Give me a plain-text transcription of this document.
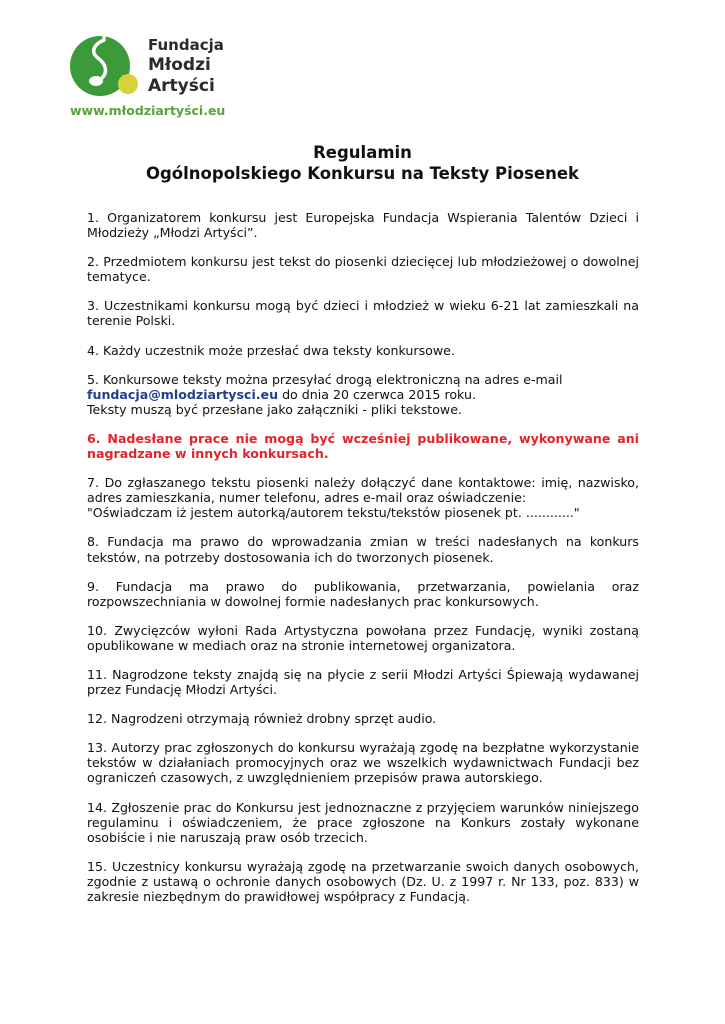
Fundacja
Młodzi
Artyści
www.młodziartyści.eu
Regulamin
Ogólnopolskiego Konkursu na Teksty Piosenek

1. Organizatorem konkursu jest Europejska Fundacja Wspierania Talentów Dzieci i Młodzieży „Młodzi Artyści”.

2. Przedmiotem konkursu jest tekst do piosenki dziecięcej lub młodzieżowej o dowolnej tematyce.

3. Uczestnikami konkursu mogą być dzieci i młodzież w wieku 6-21 lat zamieszkali na terenie Polski.

4. Każdy uczestnik może przesłać dwa teksty konkursowe.

5. Konkursowe teksty można przesyłać drogą elektroniczną na adres e-mail
fundacja@mlodziartysci.eu do dnia 20 czerwca 2015 roku.
Teksty muszą być przesłane jako załączniki - pliki tekstowe.

6. Nadesłane prace nie mogą być wcześniej publikowane, wykonywane ani nagradzane w innych konkursach.

7. Do zgłaszanego tekstu piosenki należy dołączyć dane kontaktowe: imię, nazwisko, adres zamieszkania, numer telefonu, adres e-mail oraz oświadczenie:
"Oświadczam iż jestem autorką/autorem tekstu/tekstów piosenek pt. ............"

8. Fundacja ma prawo do wprowadzania zmian w treści nadesłanych na konkurs tekstów, na potrzeby dostosowania ich do tworzonych piosenek.

9. Fundacja ma prawo do publikowania, przetwarzania, powielania oraz rozpowszechniania w dowolnej formie nadesłanych prac konkursowych.

10. Zwycięzców wyłoni Rada Artystyczna powołana przez Fundację, wyniki zostaną opublikowane w mediach oraz na stronie internetowej organizatora.

11. Nagrodzone teksty znajdą się na płycie z serii Młodzi Artyści Śpiewają wydawanej przez Fundację Młodzi Artyści.

12. Nagrodzeni otrzymają również drobny sprzęt audio.

13. Autorzy prac zgłoszonych do konkursu wyrażają zgodę na bezpłatne wykorzystanie tekstów w działaniach promocyjnych oraz we wszelkich wydawnictwach Fundacji bez ograniczeń czasowych, z uwzględnieniem przepisów prawa autorskiego.

14. Zgłoszenie prac do Konkursu jest jednoznaczne z przyjęciem warunków niniejszego regulaminu i oświadczeniem, że prace zgłoszone na Konkurs zostały wykonane osobiście i nie naruszają praw osób trzecich.

15. Uczestnicy konkursu wyrażają zgodę na przetwarzanie swoich danych osobowych, zgodnie z ustawą o ochronie danych osobowych (Dz. U. z 1997 r. Nr 133, poz. 833) w zakresie niezbędnym do prawidłowej współpracy z Fundacją.
